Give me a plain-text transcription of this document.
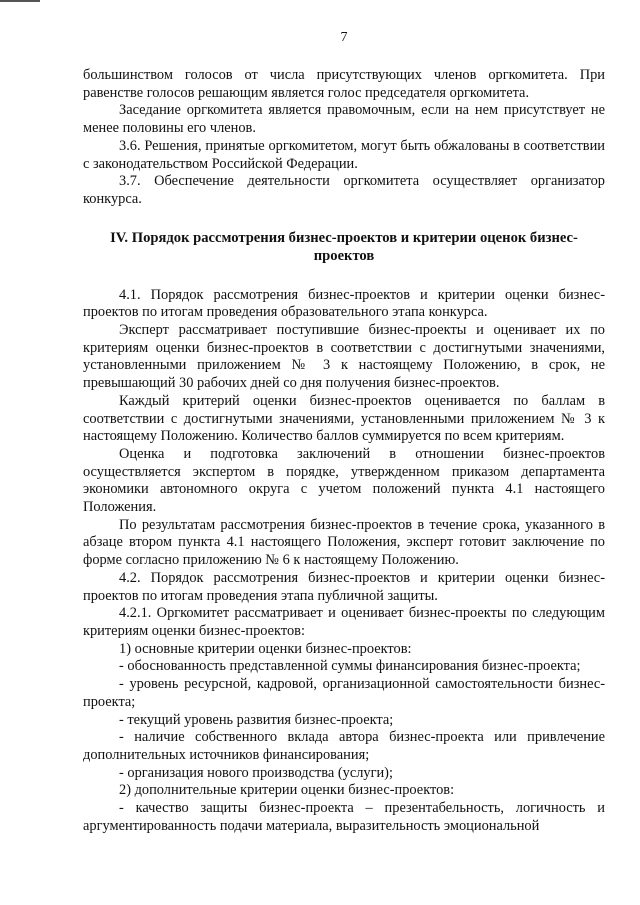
7

большинством голосов от числа присутствующих членов оргкомитета. При равенстве голосов решающим является голос председателя оргкомитета.

Заседание оргкомитета является правомочным, если на нем присутствует не менее половины его членов.

3.6. Решения, принятые оргкомитетом, могут быть обжалованы в соответствии с законодательством Российской Федерации.

3.7. Обеспечение деятельности оргкомитета осуществляет организатор конкурса.

IV. Порядок рассмотрения бизнес-проектов и критерии оценок бизнес-проектов

4.1. Порядок рассмотрения бизнес-проектов и критерии оценки бизнес-проектов по итогам проведения образовательного этапа конкурса.

Эксперт рассматривает поступившие бизнес-проекты и оценивает их по критериям оценки бизнес-проектов в соответствии с достигнутыми значениями, установленными приложением № 3 к настоящему Положению, в срок, не превышающий 30 рабочих дней со дня получения бизнес-проектов.

Каждый критерий оценки бизнес-проектов оценивается по баллам в соответствии с достигнутыми значениями, установленными приложением № 3 к настоящему Положению. Количество баллов суммируется по всем критериям.

Оценка и подготовка заключений в отношении бизнес-проектов осуществляется экспертом в порядке, утвержденном приказом департамента экономики автономного округа с учетом положений пункта 4.1 настоящего Положения.

По результатам рассмотрения бизнес-проектов в течение срока, указанного в абзаце втором пункта 4.1 настоящего Положения, эксперт готовит заключение по форме согласно приложению № 6 к настоящему Положению.

4.2. Порядок рассмотрения бизнес-проектов и критерии оценки бизнес-проектов по итогам проведения этапа публичной защиты.

4.2.1. Оргкомитет рассматривает и оценивает бизнес-проекты по следующим критериям оценки бизнес-проектов:

1) основные критерии оценки бизнес-проектов:

- обоснованность представленной суммы финансирования бизнес-проекта;

- уровень ресурсной, кадровой, организационной самостоятельности бизнес-проекта;

- текущий уровень развития бизнес-проекта;

- наличие собственного вклада автора бизнес-проекта или привлечение дополнительных источников финансирования;

- организация нового производства (услуги);

2) дополнительные критерии оценки бизнес-проектов:

- качество защиты бизнес-проекта – презентабельность, логичность и аргументированность подачи материала, выразительность эмоциональной
